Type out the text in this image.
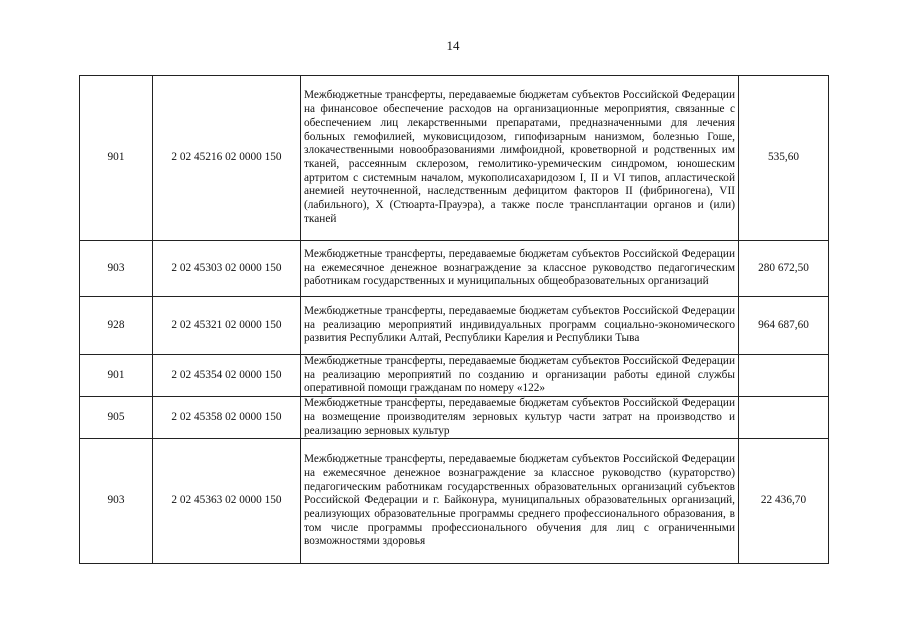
14
901	2 02 45216 02 0000 150	Межбюджетные трансферты, передаваемые бюджетам субъектов Российской Федерации на финансовое обеспечение расходов на организационные мероприятия, связанные с обеспечением лиц лекарственными препаратами, предназначенными для лечения больных гемофилией, муковисцидозом, гипофизарным нанизмом, болезнью Гоше, злокачественными новообразованиями лимфоидной, кроветворной и родственных им тканей, рассеянным склерозом, гемолитико-уремическим синдромом, юношеским артритом с системным началом, мукополисахаридозом I, II и VI типов, апластической анемией неуточненной, наследственным дефицитом факторов II (фибриногена), VII (лабильного), X (Стюарта-Прауэра), а также после трансплантации органов и (или) тканей	535,60
903	2 02 45303 02 0000 150	Межбюджетные трансферты, передаваемые бюджетам субъектов Российской Федерации на ежемесячное денежное вознаграждение за классное руководство педагогическим работникам государственных и муниципальных общеобразовательных организаций	280 672,50
928	2 02 45321 02 0000 150	Межбюджетные трансферты, передаваемые бюджетам субъектов Российской Федерации на реализацию мероприятий индивидуальных программ социально-экономического развития Республики Алтай, Республики Карелия и Республики Тыва	964 687,60
901	2 02 45354 02 0000 150	Межбюджетные трансферты, передаваемые бюджетам субъектов Российской Федерации на реализацию мероприятий по созданию и организации работы единой службы оперативной помощи гражданам по номеру «122»	
905	2 02 45358 02 0000 150	Межбюджетные трансферты, передаваемые бюджетам субъектов Российской Федерации на возмещение производителям зерновых культур части затрат на производство и реализацию зерновых культур	
903	2 02 45363 02 0000 150	Межбюджетные трансферты, передаваемые бюджетам субъектов Российской Федерации на ежемесячное денежное вознаграждение за классное руководство (кураторство) педагогическим работникам государственных образовательных организаций субъектов Российской Федерации и г. Байконура, муниципальных образовательных организаций, реализующих образовательные программы среднего профессионального образования, в том числе программы профессионального обучения для лиц с ограниченными возможностями здоровья	22 436,70
